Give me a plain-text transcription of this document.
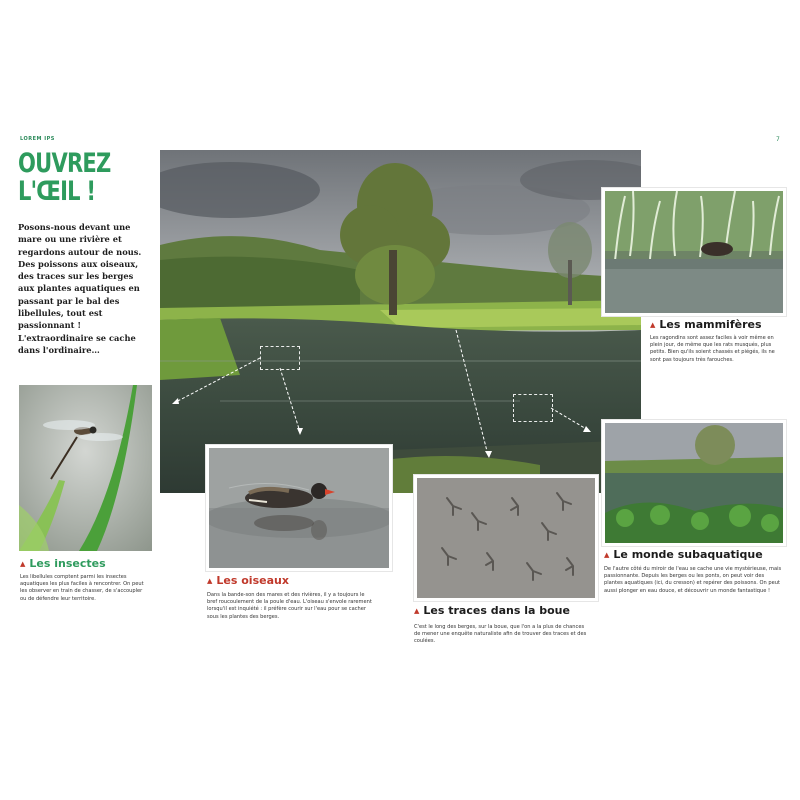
LOREM IPS	7
OUVREZ
L'ŒIL !
Posons-nous devant une mare ou une rivière et regardons autour de nous. Des poissons aux oiseaux, des traces sur les berges aux plantes aquatiques en passant par le bal des libellules, tout est passionnant ! L'extraordinaire se cache dans l'ordinaire…
▲ Les insectes
Les libellules comptent parmi les insectes aquatiques les plus faciles à rencontrer. On peut les observer en train de chasser, de s'accoupler ou de défendre leur territoire.
▲ Les oiseaux
Dans la bande-son des mares et des rivières, il y a toujours le bref roucoulement de la poule d'eau. L'oiseau s'envole rarement lorsqu'il est inquiété : il préfère courir sur l'eau pour se cacher sous les plantes des berges.
▲ Les traces dans la boue
C'est le long des berges, sur la boue, que l'on a la plus de chances de mener une enquête naturaliste afin de trouver des traces et des coulées.
▲ Les mammifères
Les ragondins sont assez faciles à voir même en plein jour, de même que les rats musqués, plus petits. Bien qu'ils soient chassés et piégés, ils ne sont pas toujours très farouches.
▲ Le monde subaquatique
De l'autre côté du miroir de l'eau se cache une vie mystérieuse, mais passionnante. Depuis les berges ou les ponts, on peut voir des plantes aquatiques (ici, du cresson) et repérer des poissons. On peut aussi plonger en eau douce, et découvrir un monde fantastique !
